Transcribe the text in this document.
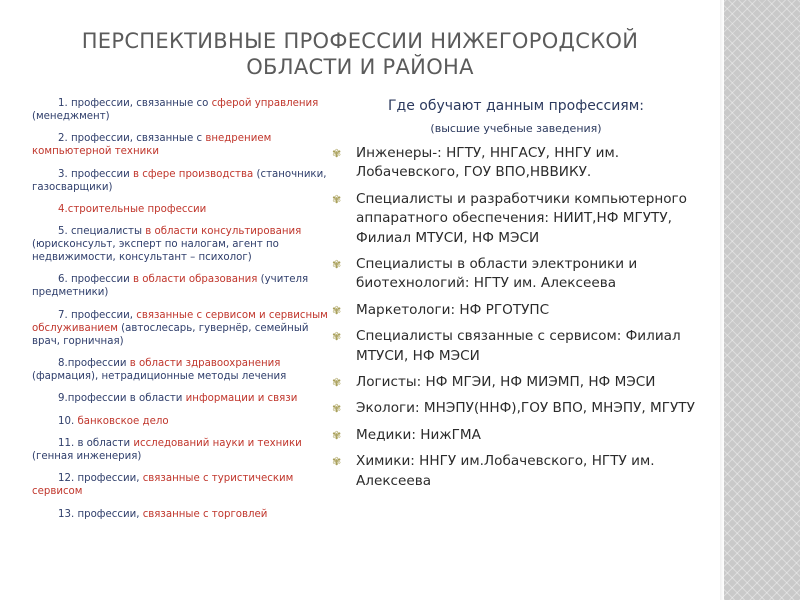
ПЕРСПЕКТИВНЫЕ ПРОФЕССИИ НИЖЕГОРОДСКОЙ
ОБЛАСТИ И РАЙОНА
1. профессии, связанные со сферой управления (менеджмент)
2. профессии, связанные с внедрением компьютерной техники
3. профессии в сфере производства (станочники, газосварщики)
4.строительные профессии
5. специалисты в области консультирования (юрисконсульт, эксперт по налогам, агент по недвижимости, консультант – психолог)
6. профессии в области образования (учителя предметники)
7. профессии, связанные с сервисом и сервисным обслуживанием (автослесарь, гувернёр, семейный врач, горничная)
8.профессии в области здравоохранения (фармация), нетрадиционные методы лечения
9.профессии в области информации и связи
10. банковское дело
11. в области исследований науки и техники (генная инженерия)
12. профессии, связанные с туристическим сервисом
13. профессии, связанные с торговлей
Где обучают данным профессиям:
(высшие учебные заведения)
✾ Инженеры-: НГТУ, ННГАСУ, ННГУ им. Лобачевского, ГОУ ВПО,НВВИКУ.
✾ Специалисты и разработчики компьютерного аппаратного обеспечения: НИИТ,НФ МГУТУ, Филиал МТУСИ, НФ МЭСИ
✾ Специалисты в области электроники и биотехнологий: НГТУ им. Алексеева
✾ Маркетологи: НФ РГОТУПС
✾ Специалисты связанные с сервисом: Филиал МТУСИ, НФ МЭСИ
✾ Логисты: НФ МГЭИ, НФ МИЭМП, НФ МЭСИ
✾ Экологи: МНЭПУ(ННФ),ГОУ ВПО, МНЭПУ, МГУТУ
✾ Медики: НижГМА
✾ Химики: ННГУ им.Лобачевского, НГТУ им. Алексеева
